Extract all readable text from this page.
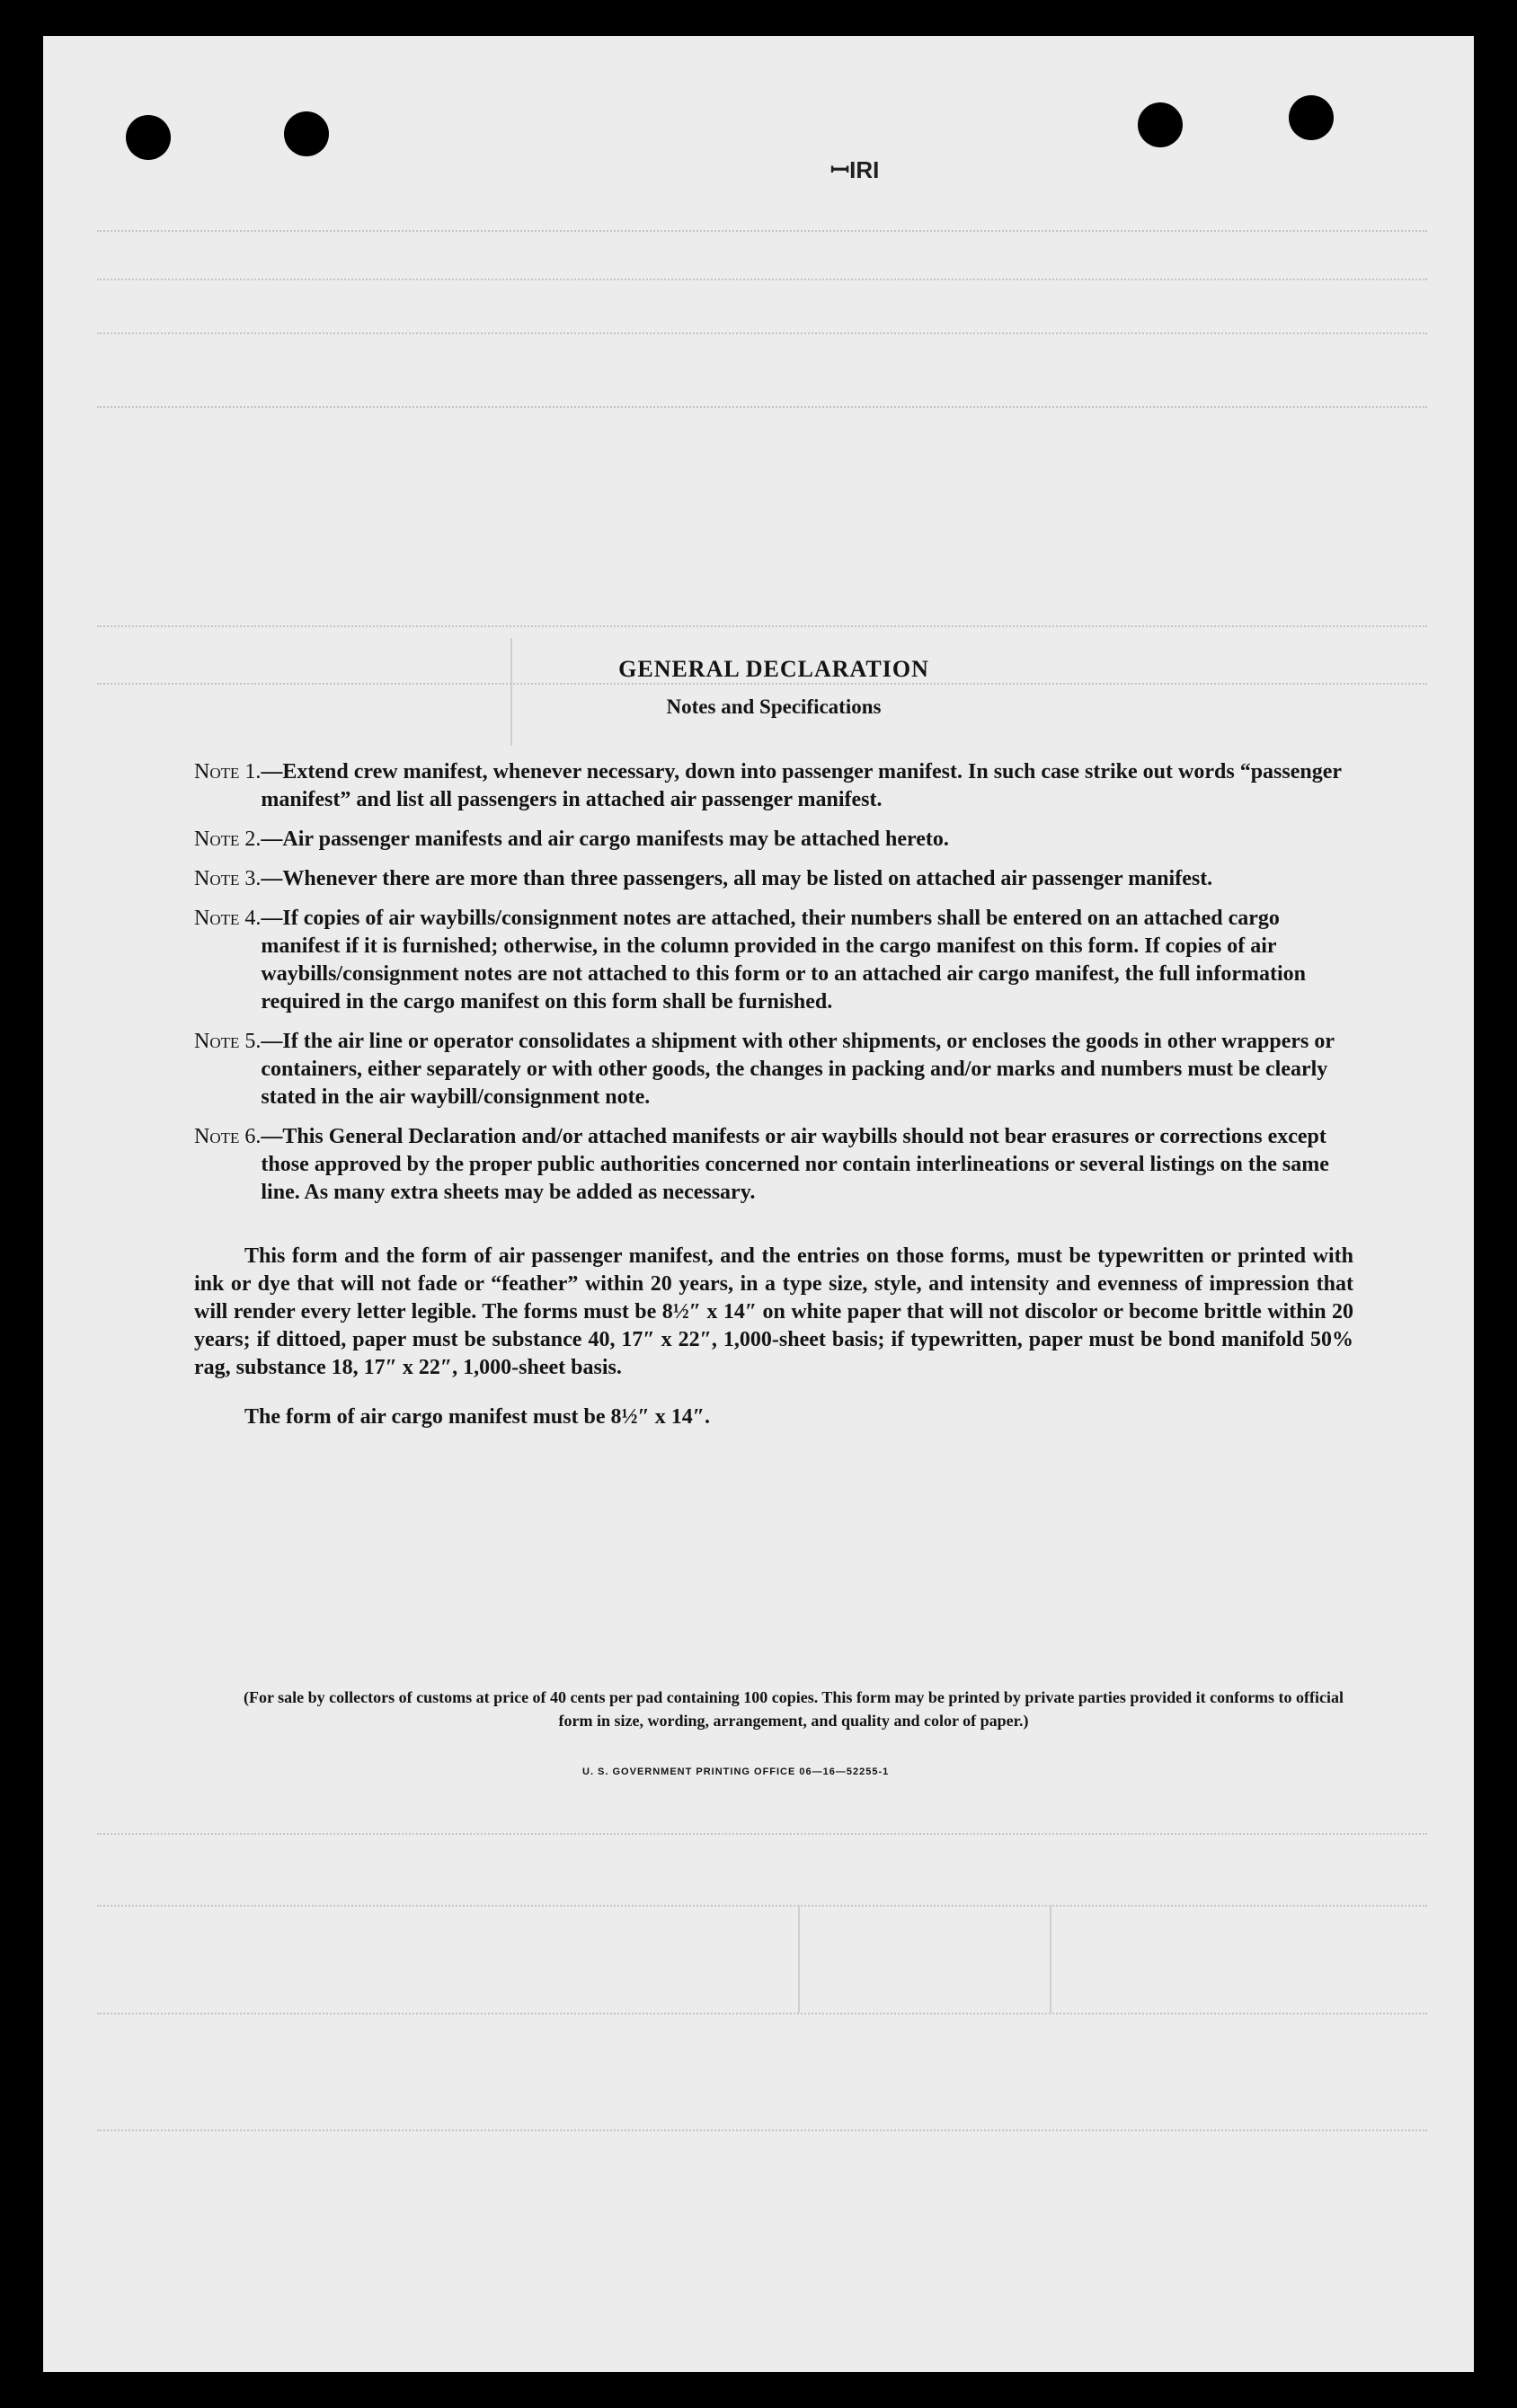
ꟷIRI
GENERAL DECLARATION
Notes and Specifications
Note 1. —Extend crew manifest, whenever necessary, down into passenger manifest. In such case strike out words “passenger manifest” and list all passengers in attached air passenger manifest.
Note 2. —Air passenger manifests and air cargo manifests may be attached hereto.
Note 3. —Whenever there are more than three passengers, all may be listed on attached air passenger manifest.
Note 4. —If copies of air waybills/consignment notes are attached, their numbers shall be entered on an attached cargo manifest if it is furnished; otherwise, in the column provided in the cargo manifest on this form. If copies of air waybills/consignment notes are not attached to this form or to an attached air cargo manifest, the full information required in the cargo manifest on this form shall be furnished.
Note 5. —If the air line or operator consolidates a shipment with other shipments, or encloses the goods in other wrappers or containers, either separately or with other goods, the changes in packing and/or marks and numbers must be clearly stated in the air waybill/consignment note.
Note 6. —This General Declaration and/or attached manifests or air waybills should not bear erasures or corrections except those approved by the proper public authorities concerned nor contain interlineations or several listings on the same line. As many extra sheets may be added as necessary.

This form and the form of air passenger manifest, and the entries on those forms, must be typewritten or printed with ink or dye that will not fade or “feather” within 20 years, in a type size, style, and intensity and evenness of impression that will render every letter legible. The forms must be 8½″ x 14″ on white paper that will not discolor or become brittle within 20 years; if dittoed, paper must be substance 40, 17″ x 22″, 1,000-sheet basis; if typewritten, paper must be bond manifold 50% rag, substance 18, 17″ x 22″, 1,000-sheet basis.

The form of air cargo manifest must be 8½″ x 14″.

(For sale by collectors of customs at price of 40 cents per pad containing 100 copies. This form may be printed by private parties provided it conforms to official form in size, wording, arrangement, and quality and color of paper.)
U. S. GOVERNMENT PRINTING OFFICE 06—16—52255-1
